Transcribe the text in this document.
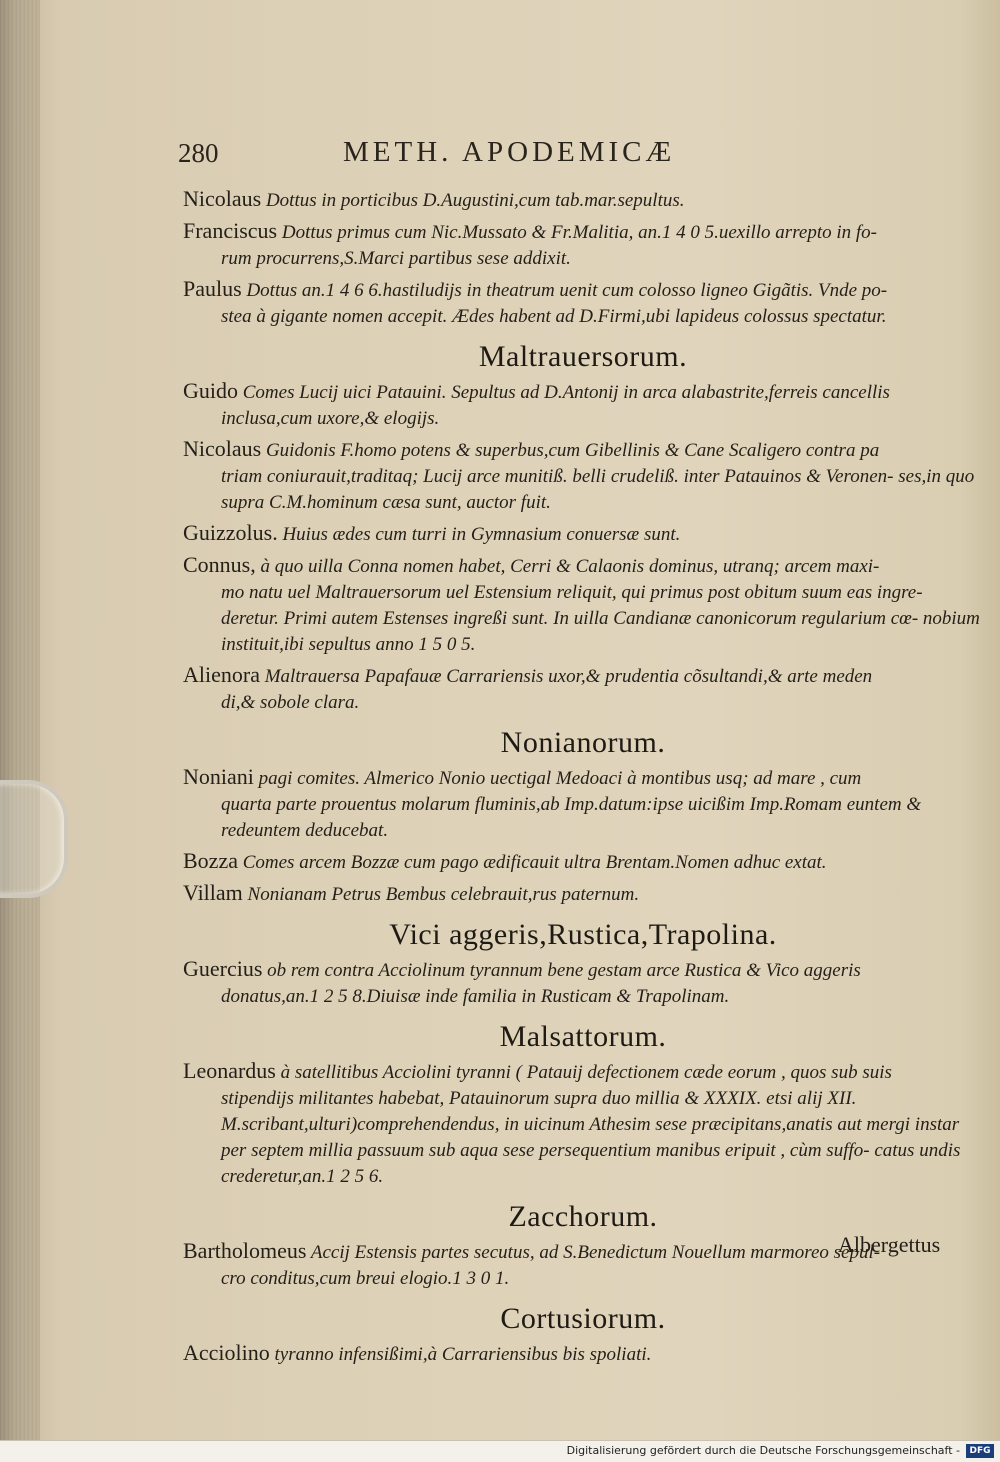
280	METH. APODEMICÆ
Nicolaus Dottus in porticibus D.Augustini,cum tab.mar.sepultus.
Franciscus Dottus primus cum Nic.Mussato & Fr.Malitia, an.1 4 0 5.uexillo arrepto in fo-
rum procurrens,S.Marci partibus sese addixit.
Paulus Dottus an.1 4 6 6.hastiludijs in theatrum uenit cum colosso ligneo Gigãtis. Vnde po-
stea à gigante nomen accepit. Ædes habent ad D.Firmi,ubi lapideus colossus spectatur.
Maltrauersorum.
Guido Comes Lucij uici Patauini. Sepultus ad D.Antonij in arca alabastrite,ferreis cancellis
inclusa,cum uxore,& elogijs.
Nicolaus Guidonis F.homo potens & superbus,cum Gibellinis & Cane Scaligero contra pa
triam coniurauit,traditaq; Lucij arce munitiß. belli crudeliß. inter Patauinos & Veronen- ses,in quo supra C.M.hominum cæsa sunt, auctor fuit.
Guizzolus. Huius ædes cum turri in Gymnasium conuersæ sunt.
Connus, à quo uilla Conna nomen habet, Cerri & Calaonis dominus, utranq; arcem maxi-
mo natu uel Maltrauersorum uel Estensium reliquit, qui primus post obitum suum eas ingre- deretur. Primi autem Estenses ingreßi sunt. In uilla Candianæ canonicorum regularium cœ- nobium instituit,ibi sepultus anno 1 5 0 5.
Alienora Maltrauersa Papafauæ Carrariensis uxor,& prudentia cõsultandi,& arte meden
di,& sobole clara.
Nonianorum.
Noniani pagi comites. Almerico Nonio uectigal Medoaci à montibus usq; ad mare , cum
quarta parte prouentus molarum fluminis,ab Imp.datum:ipse uicißim Imp.Romam euntem & redeuntem deducebat.
Bozza Comes arcem Bozzæ cum pago ædificauit ultra Brentam.Nomen adhuc extat.
Villam Nonianam Petrus Bembus celebrauit,rus paternum.
Vici aggeris,Rustica,Trapolina.
Guercius ob rem contra Acciolinum tyrannum bene gestam arce Rustica & Vico aggeris
donatus,an.1 2 5 8.Diuisæ inde familia in Rusticam & Trapolinam.
Malsattorum.
Leonardus à satellitibus Acciolini tyranni ( Patauij defectionem cæde eorum , quos sub suis
stipendijs militantes habebat, Patauinorum supra duo millia & XXXIX. etsi alij XII. M.scribant,ulturi)comprehendendus, in uicinum Athesim sese præcipitans,anatis aut mergi instar per septem millia passuum sub aqua sese persequentium manibus eripuit , cùm suffo- catus undis crederetur,an.1 2 5 6.
Zacchorum.
Bartholomeus Accij Estensis partes secutus, ad S.Benedictum Nouellum marmoreo sepul-
cro conditus,cum breui elogio.1 3 0 1.
Cortusiorum.
Acciolino tyranno infensißimi,à Carrariensibus bis spoliati.
Albergettus
Digitalisierung gefördert durch die Deutsche Forschungsgemeinschaft -	DFG
